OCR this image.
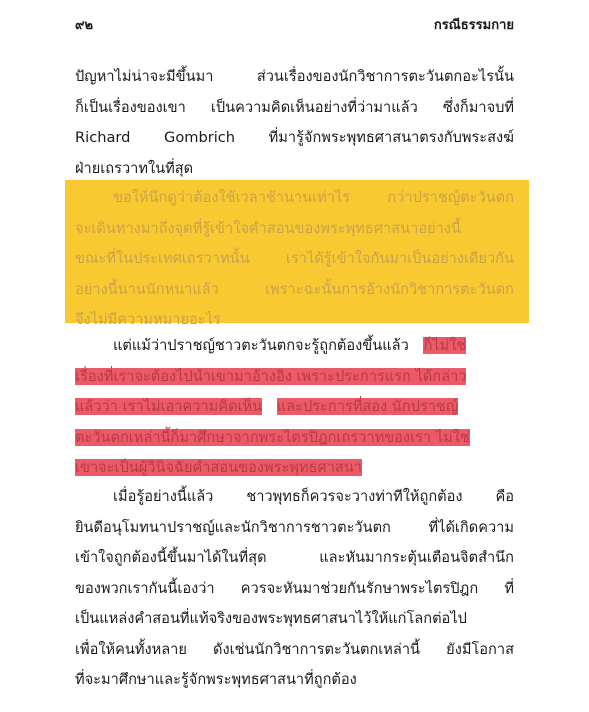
๙๒	กรณีธรรมกาย
ปัญหาไม่น่าจะมีขึ้นมา ส่วนเรื่องของนักวิชาการตะวันตกอะไรนั้น
ก็เป็นเรื่องของเขา เป็นความคิดเห็นอย่างที่ว่ามาแล้ว ซึ่งก็มาจบที่
Richard Gombrich ที่มารู้จักพระพุทธศาสนาตรงกับพระสงฆ์
ฝ่ายเถรวาทในที่สุด
ขอให้นึกดูว่าต้องใช้เวลาช้านานเท่าไร กว่าปราชญ์ตะวันตก
จะเดินทางมาถึงจุดที่รู้เข้าใจคำสอนของพระพุทธศาสนาอย่างนี้
ขณะที่ในประเทศเถรวาทนั้น เราได้รู้เข้าใจกันมาเป็นอย่างเดียวกัน
อย่างนี้นานนักหนาแล้ว เพราะฉะนั้นการอ้างนักวิชาการตะวันตก
จึงไม่มีความหมายอะไร
แต่แม้ว่าปราชญ์ชาวตะวันตกจะรู้ถูกต้องขึ้นแล้ว ก็ไม่ใช่
เรื่องที่เราจะต้องไปนำเขามาอ้างอิง เพราะประการแรก ได้กล่าว
แล้วว่า เราไม่เอาความคิดเห็น และประการที่สอง นักปราชญ์
ตะวันตกเหล่านี้ก็มาศึกษาจากพระไตรปิฎกเถรวาทของเรา ไม่ใช่
เขาจะเป็นผู้วินิจฉัยคำสอนของพระพุทธศาสนา
เมื่อรู้อย่างนี้แล้ว ชาวพุทธก็ควรจะวางท่าทีให้ถูกต้อง คือ
ยินดีอนุโมทนาปราชญ์และนักวิชาการชาวตะวันตก ที่ได้เกิดความ
เข้าใจถูกต้องนี้ขึ้นมาได้ในที่สุด และหันมากระตุ้นเตือนจิตสำนึก
ของพวกเรากันนี้เองว่า ควรจะหันมาช่วยกันรักษาพระไตรปิฎก ที่
เป็นแหล่งคำสอนที่แท้จริงของพระพุทธศาสนาไว้ให้แก่โลกต่อไป
เพื่อให้คนทั้งหลาย ดังเช่นนักวิชาการตะวันตกเหล่านี้ ยังมีโอกาส
ที่จะมาศึกษาและรู้จักพระพุทธศาสนาที่ถูกต้อง
